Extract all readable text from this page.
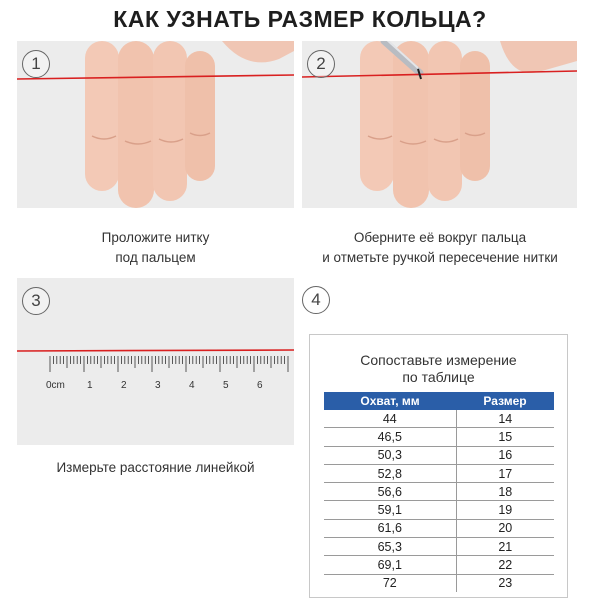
КАК УЗНАТЬ РАЗМЕР КОЛЬЦА?
1
Проложите нитку
под пальцем
2
Оберните её вокруг пальца
и отметьте ручкой пересечение нитки
1	2	3	4	5	6
0cm
3
Измерьте расстояние линейкой
4
Сопоставьте измерение
по таблице
Охват, мм	Размер
44	14
46,5	15
50,3	16
52,8	17
56,6	18
59,1	19
61,6	20
65,3	21
69,1	22
72	23
